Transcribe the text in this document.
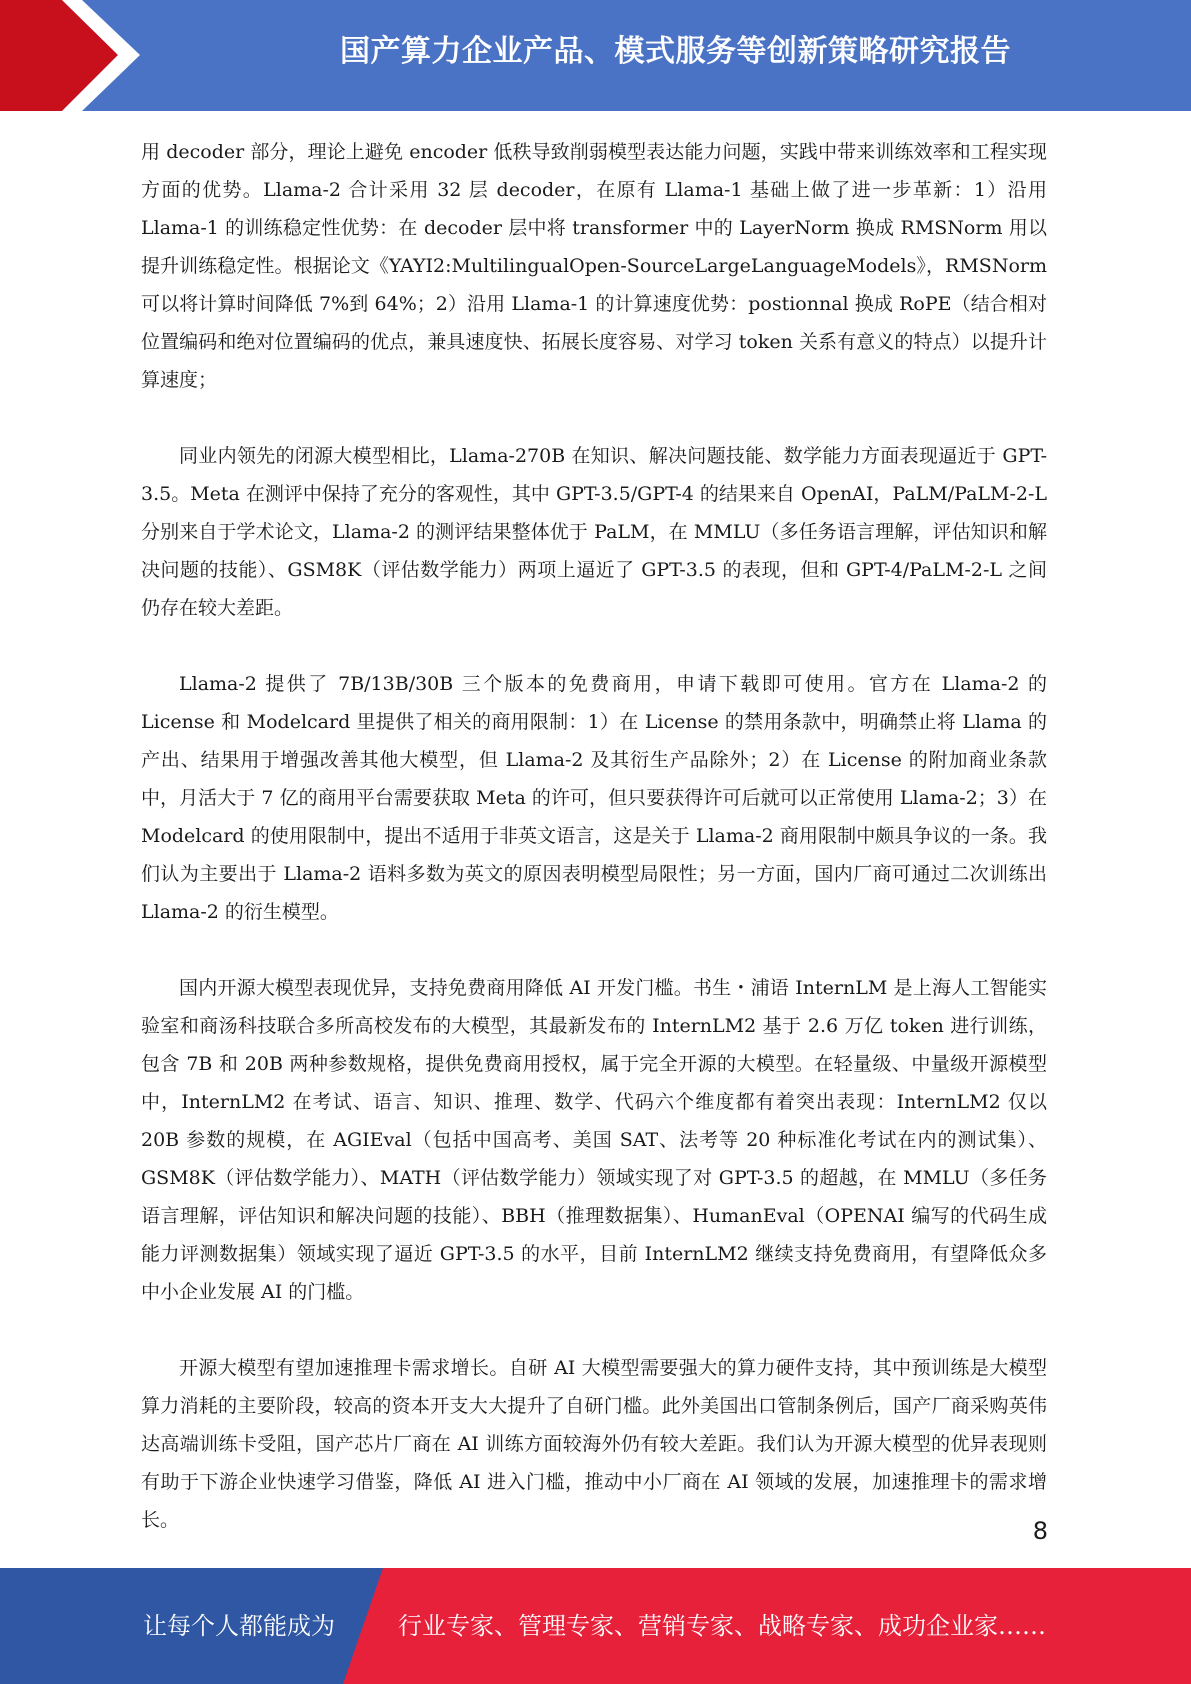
国产算力企业产品、模式服务等创新策略研究报告

用 decoder 部分，理论上避免 encoder 低秩导致削弱模型表达能力问题，实践中带来训练效率和工程实现方面的优势。Llama-2 合计采用 32 层 decoder，在原有 Llama-1 基础上做了进一步革新：1）沿用 Llama-1 的训练稳定性优势：在 decoder 层中将 transformer 中的 LayerNorm 换成 RMSNorm 用以提升训练稳定性。根据论文《YAYI2:MultilingualOpen-SourceLargeLanguageModels》，RMSNorm 可以将计算时间降低 7%到 64%；2）沿用 Llama-1 的计算速度优势：postionnal 换成 RoPE（结合相对位置编码和绝对位置编码的优点，兼具速度快、拓展长度容易、对学习 token 关系有意义的特点）以提升计算速度；

同业内领先的闭源大模型相比，Llama-270B 在知识、解决问题技能、数学能力方面表现逼近于 GPT-3.5。Meta 在测评中保持了充分的客观性，其中 GPT-3.5/GPT-4 的结果来自 OpenAI，PaLM/PaLM-2-L 分别来自于学术论文，Llama-2 的测评结果整体优于 PaLM，在 MMLU（多任务语言理解，评估知识和解决问题的技能）、GSM8K（评估数学能力）两项上逼近了 GPT-3.5 的表现，但和 GPT-4/PaLM-2-L 之间仍存在较大差距。

Llama-2 提供了 7B/13B/30B 三个版本的免费商用，申请下载即可使用。官方在 Llama-2 的 License 和 Modelcard 里提供了相关的商用限制：1）在 License 的禁用条款中，明确禁止将 Llama 的产出、结果用于增强改善其他大模型，但 Llama-2 及其衍生产品除外；2）在 License 的附加商业条款中，月活大于 7 亿的商用平台需要获取 Meta 的许可，但只要获得许可后就可以正常使用 Llama-2；3）在 Modelcard 的使用限制中，提出不适用于非英文语言，这是关于 Llama-2 商用限制中颇具争议的一条。我们认为主要出于 Llama-2 语料多数为英文的原因表明模型局限性；另一方面，国内厂商可通过二次训练出 Llama-2 的衍生模型。

国内开源大模型表现优异，支持免费商用降低 AI 开发门槛。书生・浦语 InternLM 是上海人工智能实验室和商汤科技联合多所高校发布的大模型，其最新发布的 InternLM2 基于 2.6 万亿 token 进行训练，包含 7B 和 20B 两种参数规格，提供免费商用授权，属于完全开源的大模型。在轻量级、中量级开源模型中，InternLM2 在考试、语言、知识、推理、数学、代码六个维度都有着突出表现：InternLM2 仅以 20B 参数的规模，在 AGIEval（包括中国高考、美国 SAT、法考等 20 种标准化考试在内的测试集）、GSM8K（评估数学能力）、MATH（评估数学能力）领域实现了对 GPT-3.5 的超越，在 MMLU（多任务语言理解，评估知识和解决问题的技能）、BBH（推理数据集）、HumanEval（OPENAI 编写的代码生成能力评测数据集）领域实现了逼近 GPT-3.5 的水平，目前 InternLM2 继续支持免费商用，有望降低众多中小企业发展 AI 的门槛。

开源大模型有望加速推理卡需求增长。自研 AI 大模型需要强大的算力硬件支持，其中预训练是大模型算力消耗的主要阶段，较高的资本开支大大提升了自研门槛。此外美国出口管制条例后，国产厂商采购英伟达高端训练卡受阻，国产芯片厂商在 AI 训练方面较海外仍有较大差距。我们认为开源大模型的优异表现则有助于下游企业快速学习借鉴，降低 AI 进入门槛，推动中小厂商在 AI 领域的发展，加速推理卡的需求增长。	8
让每个人都能成为	行业专家、管理专家、营销专家、战略专家、成功企业家……
